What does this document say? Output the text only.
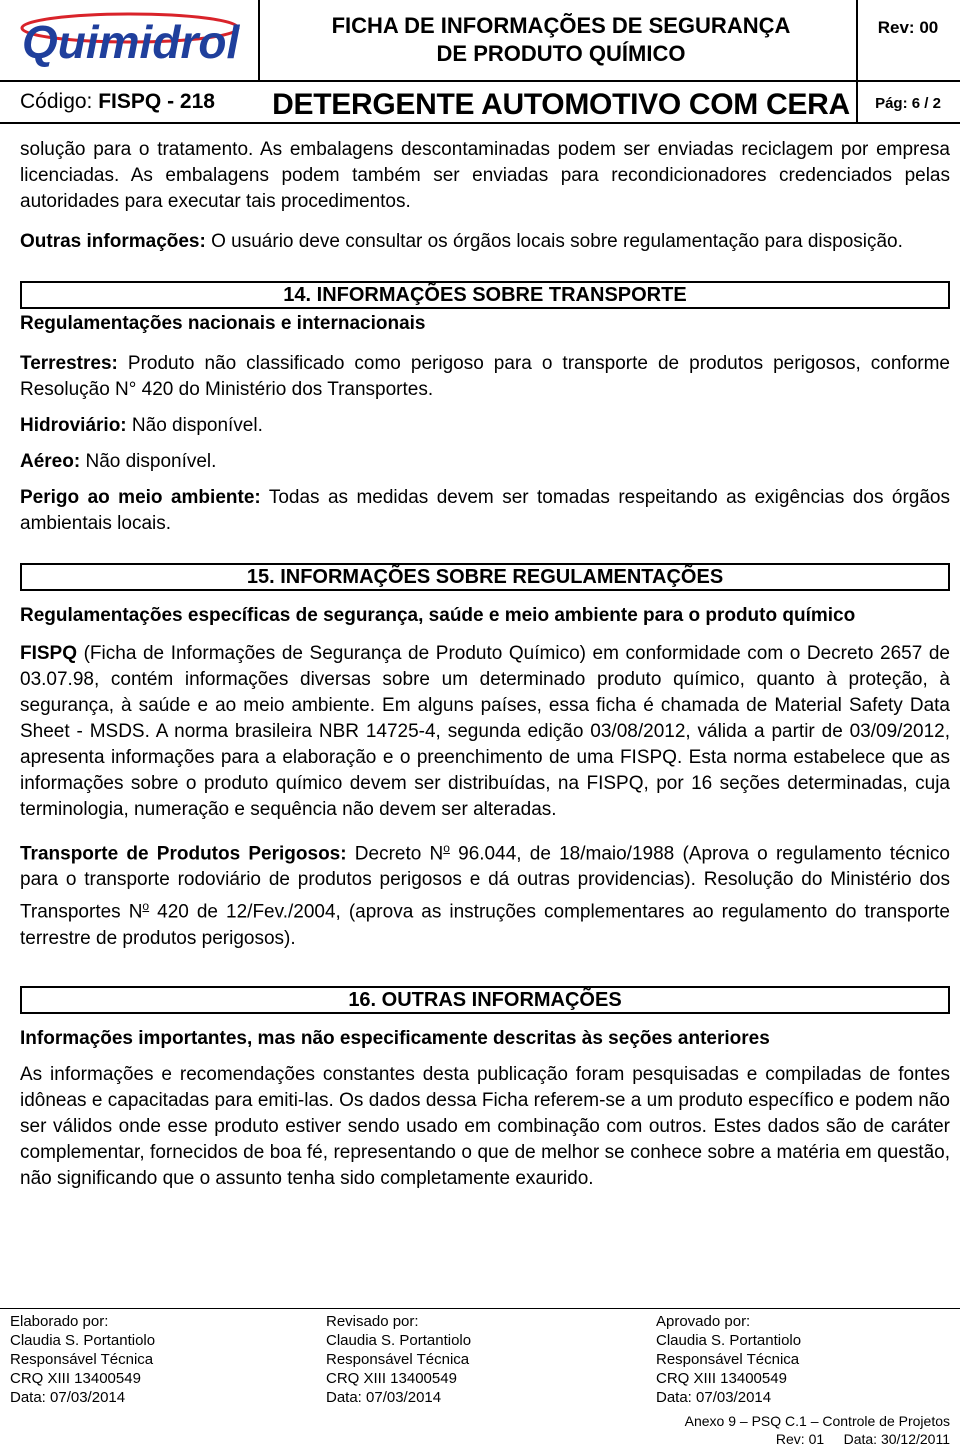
Quimidrol	FICHA DE INFORMAÇÕES DE SEGURANÇA
DE PRODUTO QUÍMICO
Rev: 00
Código: FISPQ - 218 DETERGENTE AUTOMOTIVO COM CERA	Pág: 6 / 2

solução para o tratamento. As embalagens descontaminadas podem ser enviadas reciclagem por empresa licenciadas. As embalagens podem também ser enviadas para recondicionadores credenciados pelas autoridades para executar tais procedimentos.

Outras informações: O usuário deve consultar os órgãos locais sobre regulamentação para disposição.

14. INFORMAÇÕES SOBRE TRANSPORTE

Regulamentações nacionais e internacionais

Terrestres: Produto não classificado como perigoso para o transporte de produtos perigosos, conforme Resolução N° 420 do Ministério dos Transportes.

Hidroviário: Não disponível.

Aéreo: Não disponível.

Perigo ao meio ambiente: Todas as medidas devem ser tomadas respeitando as exigências dos órgãos ambientais locais.

15. INFORMAÇÕES SOBRE REGULAMENTAÇÕES

Regulamentações específicas de segurança, saúde e meio ambiente para o produto químico

FISPQ (Ficha de Informações de Segurança de Produto Químico) em conformidade com o Decreto 2657 de 03.07.98, contém informações diversas sobre um determinado produto químico, quanto à proteção, à segurança, à saúde e ao meio ambiente. Em alguns países, essa ficha é chamada de Material Safety Data Sheet - MSDS. A norma brasileira NBR 14725-4, segunda edição 03/08/2012, válida a partir de 03/09/2012, apresenta informações para a elaboração e o preenchimento de uma FISPQ. Esta norma estabelece que as informações sobre o produto químico devem ser distribuídas, na FISPQ, por 16 seções determinadas, cuja terminologia, numeração e sequência não devem ser alteradas.

Transporte de Produtos Perigosos: Decreto $N^o$ 96.044, de 18/maio/1988 (Aprova o regulamento técnico para o transporte rodoviário de produtos perigosos e dá outras providencias). Resolução do Ministério dos Transportes $N^o$ 420 de 12/Fev./2004, (aprova as instruções complementares ao regulamento do transporte terrestre de produtos perigosos).

16. OUTRAS INFORMAÇÕES

Informações importantes, mas não especificamente descritas às seções anteriores

As informações e recomendações constantes desta publicação foram pesquisadas e compiladas de fontes idôneas e capacitadas para emiti-las. Os dados dessa Ficha referem-se a um produto específico e podem não ser válidos onde esse produto estiver sendo usado em combinação com outros. Estes dados são de caráter complementar, fornecidos de boa fé, representando o que de melhor se conhece sobre a matéria em questão, não significando que o assunto tenha sido completamente exaurido.

Elaborado por:
Claudia S. Portantiolo
Responsável Técnica
CRQ XIII 13400549
Data: 07/03/2014
Revisado por:
Claudia S. Portantiolo
Responsável Técnica
CRQ XIII 13400549
Data: 07/03/2014
Aprovado por:
Claudia S. Portantiolo
Responsável Técnica
CRQ XIII 13400549
Data: 07/03/2014
Anexo 9 – PSQ C.1 – Controle de Projetos
Rev: 01 Data: 30/12/2011
